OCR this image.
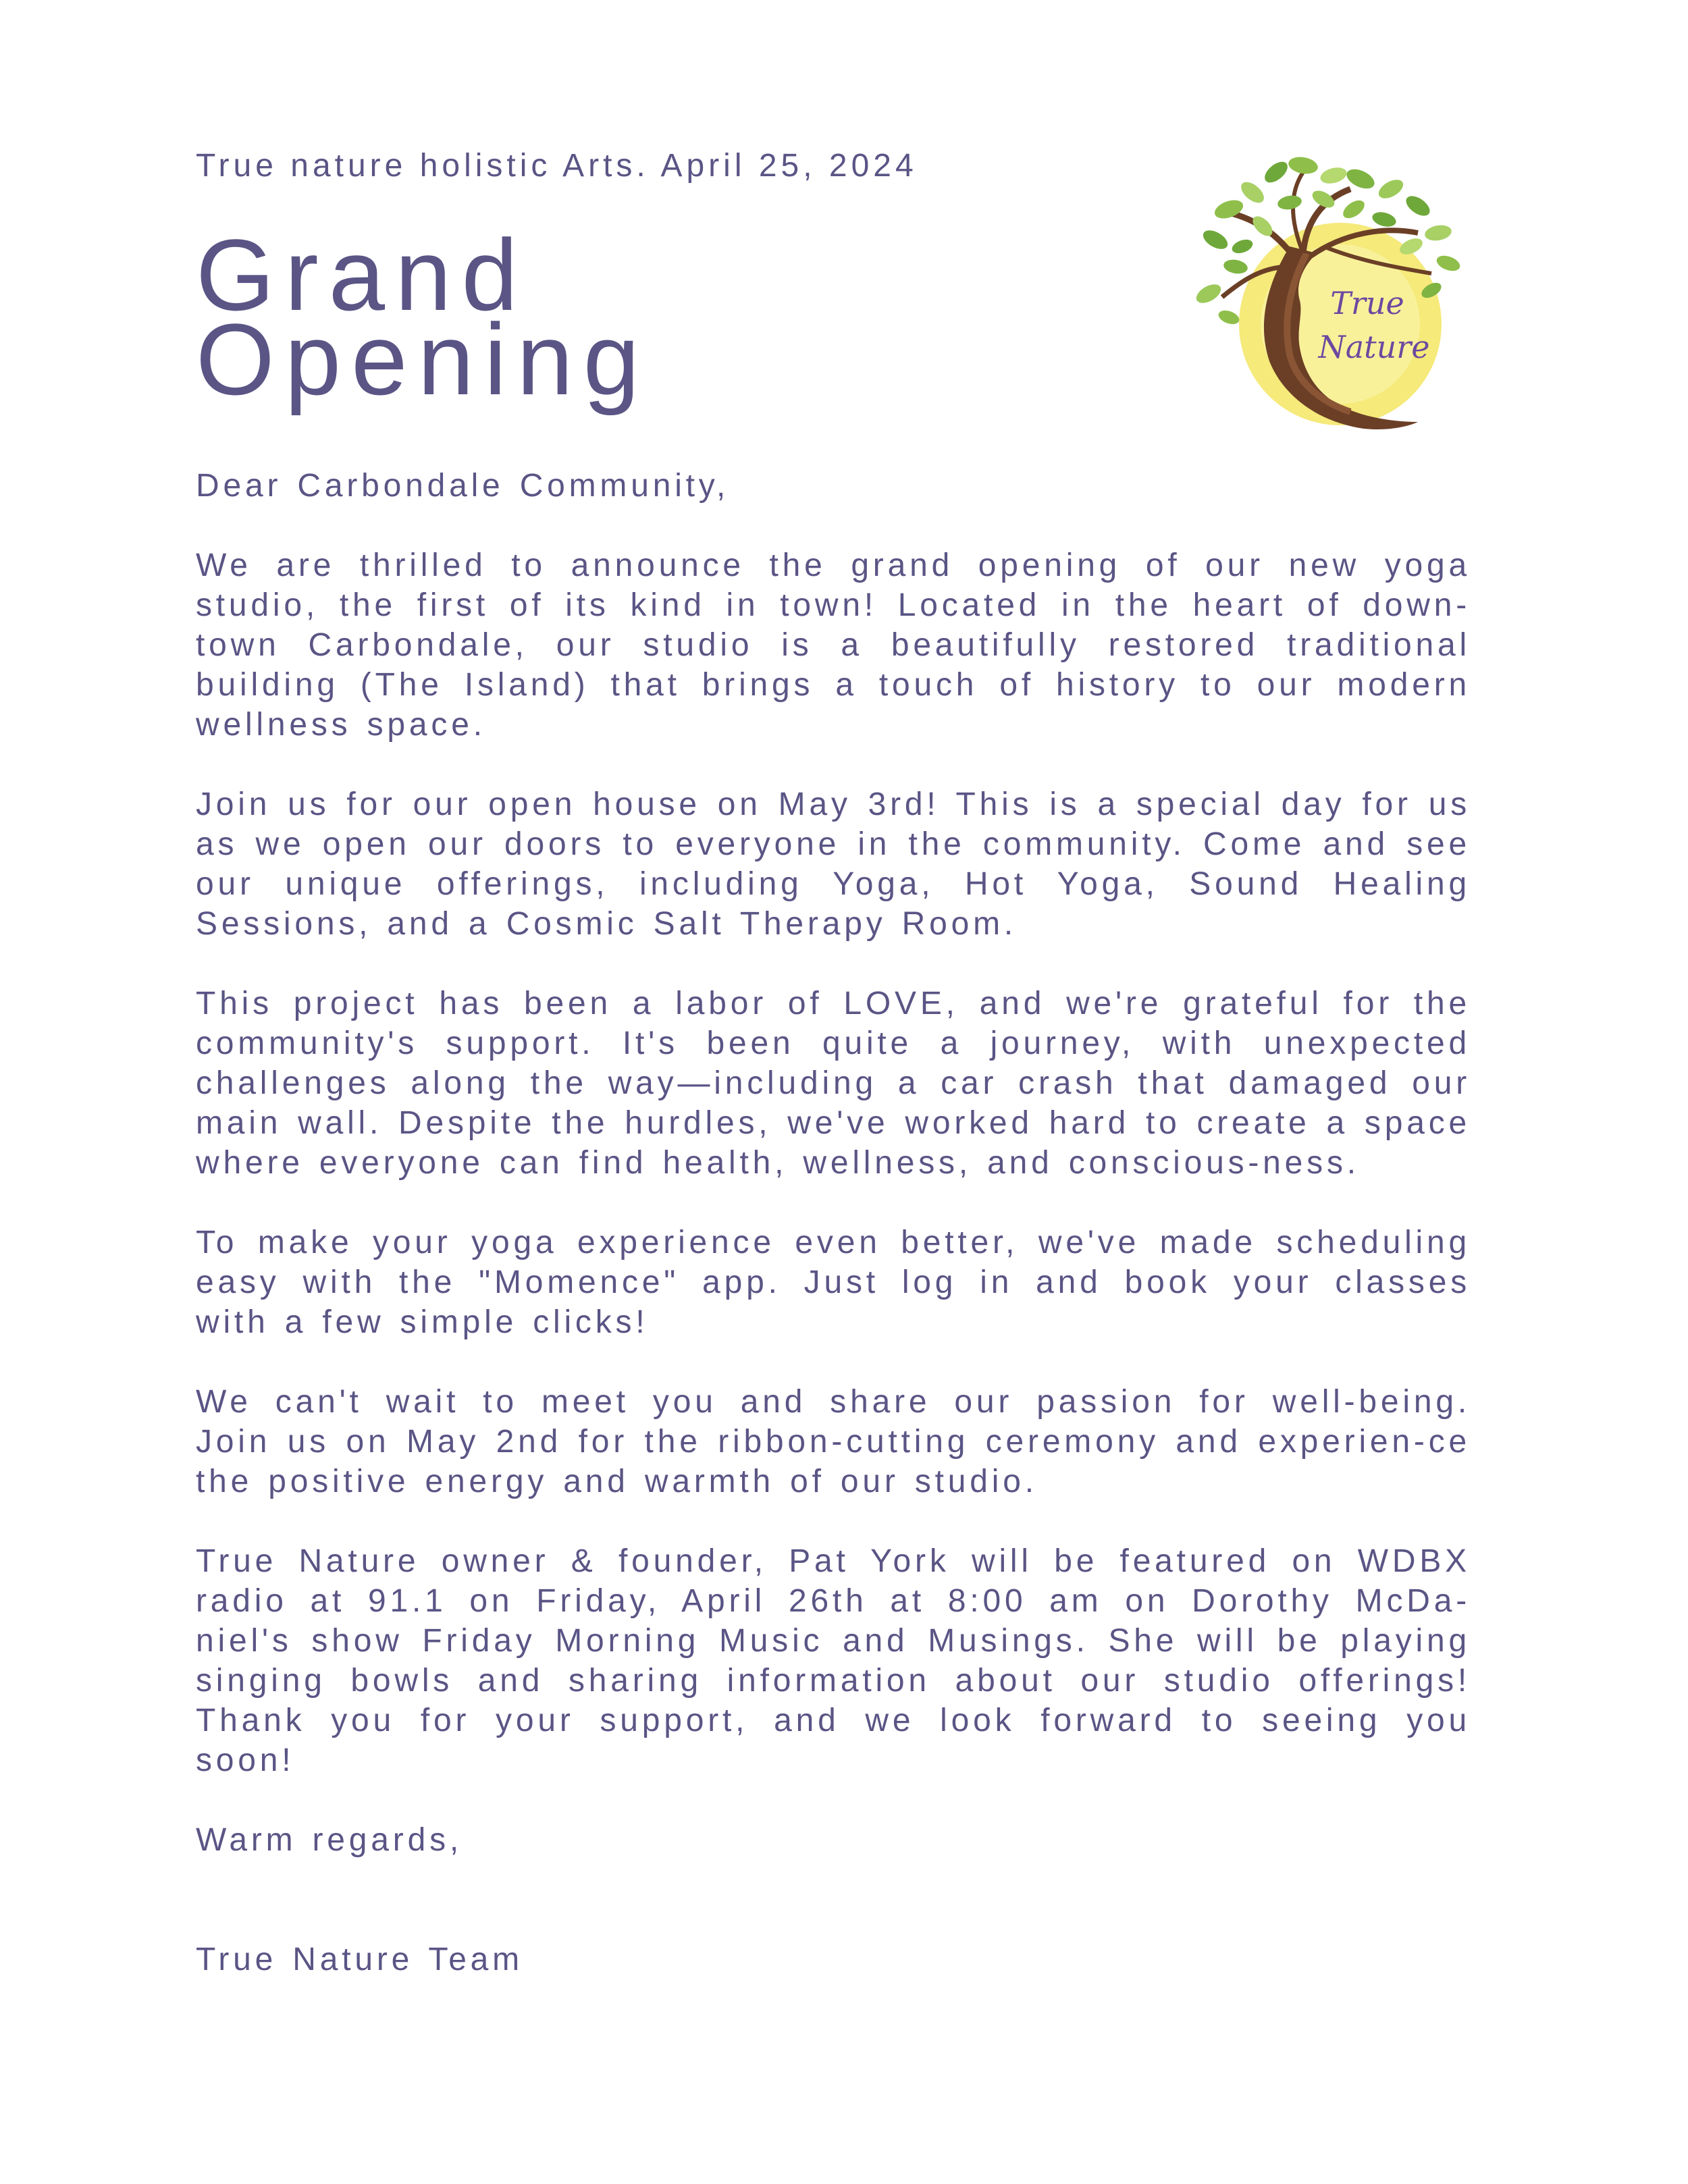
True nature holistic Arts. April 25, 2024
Grand
Opening	True
Nature

Dear Carbondale Community,

We are thrilled to announce the grand opening of our new yoga studio, the first of its kind in town! Located in the heart of down-town Carbondale, our studio is a beautifully restored traditional building (The Island) that brings a touch of history to our modern wellness space.

Join us for our open house on May 3rd! This is a special day for us as we open our doors to everyone in the community. Come and see our unique offerings, including Yoga, Hot Yoga, Sound Healing Sessions, and a Cosmic Salt Therapy Room.

This project has been a labor of LOVE, and we're grateful for the community's support. It's been quite a journey, with unexpected challenges along the way—including a car crash that damaged our main wall. Despite the hurdles, we've worked hard to create a space where everyone can find health, wellness, and conscious-ness.

To make your yoga experience even better, we've made scheduling easy with the "Momence" app. Just log in and book your classes with a few simple clicks!

We can't wait to meet you and share our passion for well-being. Join us on May 2nd for the ribbon-cutting ceremony and experien-ce the positive energy and warmth of our studio.

True Nature owner & founder, Pat York will be featured on WDBX radio at 91.1 on Friday, April 26th at 8:00 am on Dorothy McDa-niel's show Friday Morning Music and Musings. She will be playing singing bowls and sharing information about our studio offerings! Thank you for your support, and we look forward to seeing you soon!

Warm regards,

True Nature Team
